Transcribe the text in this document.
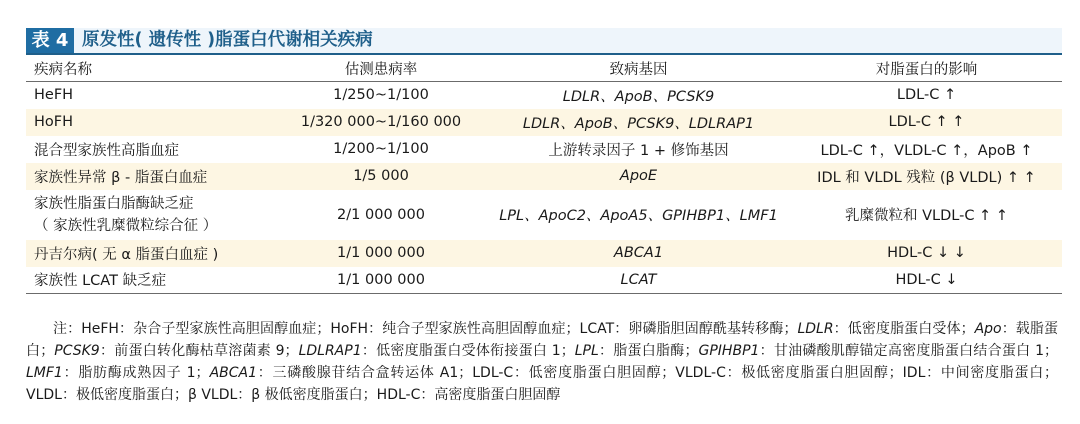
表 4 原发性( 遗传性 )脂蛋白代谢相关疾病
疾病名称	估测患病率	致病基因	对脂蛋白的影响
HeFH	1/250~1/100	LDLR、ApoB、PCSK9	LDL-C ↑
HoFH	1/320 000~1/160 000	LDLR、ApoB、PCSK9、LDLRAP1	LDL-C ↑ ↑
混合型家族性高脂血症	1/200~1/100	上游转录因子 1 + 修饰基因	LDL-C ↑，VLDL-C ↑，ApoB ↑
家族性异常 β - 脂蛋白血症	1/5 000	ApoE	IDL 和 VLDL 残粒 (β VLDL) ↑ ↑

家族性脂蛋白脂酶缺乏症
（ 家族性乳糜微粒综合征 ）	2/1 000 000	LPL、ApoC2、ApoA5、GPIHBP1、LMF1	乳糜微粒和 VLDL-C ↑ ↑
丹吉尔病( 无 α 脂蛋白血症 )	1/1 000 000	ABCA1	HDL-C ↓ ↓
家族性 LCAT 缺乏症	1/1 000 000	LCAT	HDL-C ↓

注：HeFH：杂合子型家族性高胆固醇血症；HoFH：纯合子型家族性高胆固醇血症；LCAT：卵磷脂胆固醇酰基转移酶；LDLR：低密度脂蛋白受体；Apo：载脂蛋白；PCSK9：前蛋白转化酶枯草溶菌素 9；LDLRAP1：低密度脂蛋白受体衔接蛋白 1；LPL：脂蛋白脂酶；GPIHBP1：甘油磷酸肌醇锚定高密度脂蛋白结合蛋白 1；LMF1：脂肪酶成熟因子 1；ABCA1：三磷酸腺苷结合盒转运体 A1；LDL-C：低密度脂蛋白胆固醇；VLDL-C：极低密度脂蛋白胆固醇；IDL：中间密度脂蛋白；VLDL：极低密度脂蛋白；β VLDL：β 极低密度脂蛋白；HDL-C：高密度脂蛋白胆固醇
